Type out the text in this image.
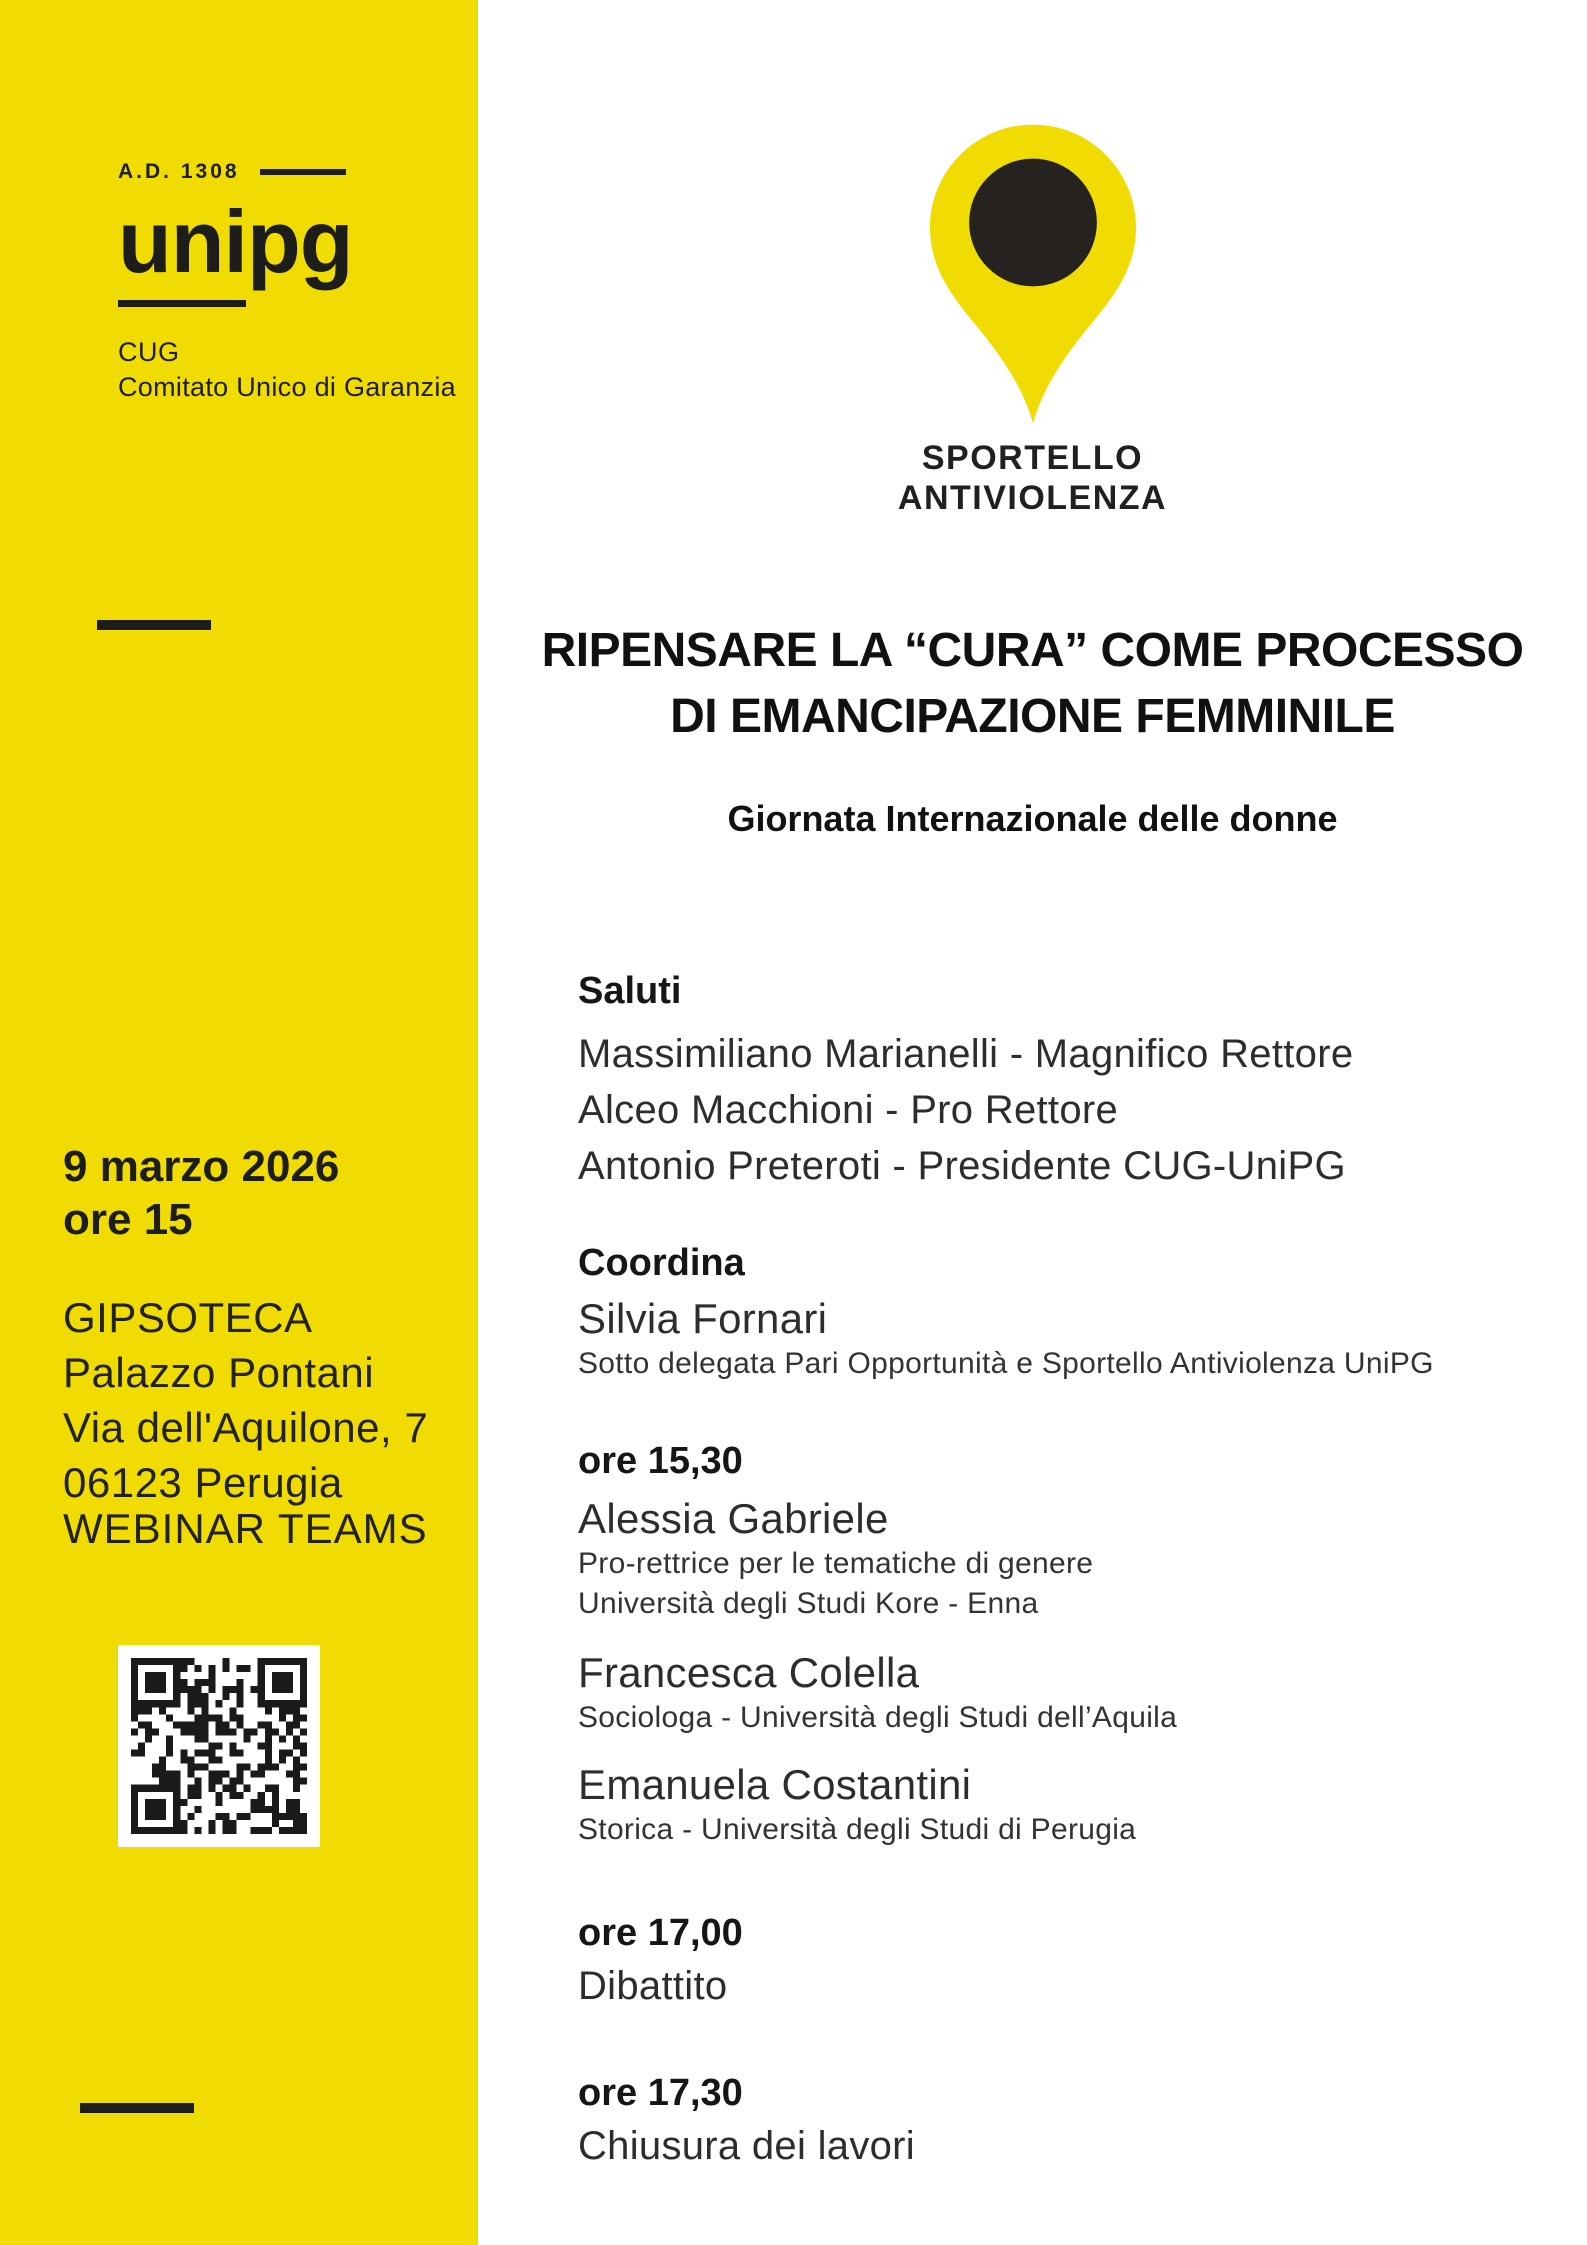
A.D. 1308
unipg
CUG
Comitato Unico di Garanzia
9 marzo 2026
ore 15
GIPSOTECA
Palazzo Pontani
Via dell'Aquilone, 7
06123 Perugia
WEBINAR TEAMS
SPORTELLO
ANTIVIOLENZA
RIPENSARE LA “CURA” COME PROCESSO
DI EMANCIPAZIONE FEMMINILE
Giornata Internazionale delle donne
Saluti
Massimiliano Marianelli - Magnifico Rettore
Alceo Macchioni - Pro Rettore
Antonio Preteroti - Presidente CUG-UniPG
Coordina
Silvia Fornari
Sotto delegata Pari Opportunità e Sportello Antiviolenza UniPG
ore 15,30
Alessia Gabriele
Pro-rettrice per le tematiche di genere
Università degli Studi Kore - Enna
Francesca Colella
Sociologa - Università degli Studi dell’Aquila
Emanuela Costantini
Storica - Università degli Studi di Perugia
ore 17,00
Dibattito
ore 17,30
Chiusura dei lavori
